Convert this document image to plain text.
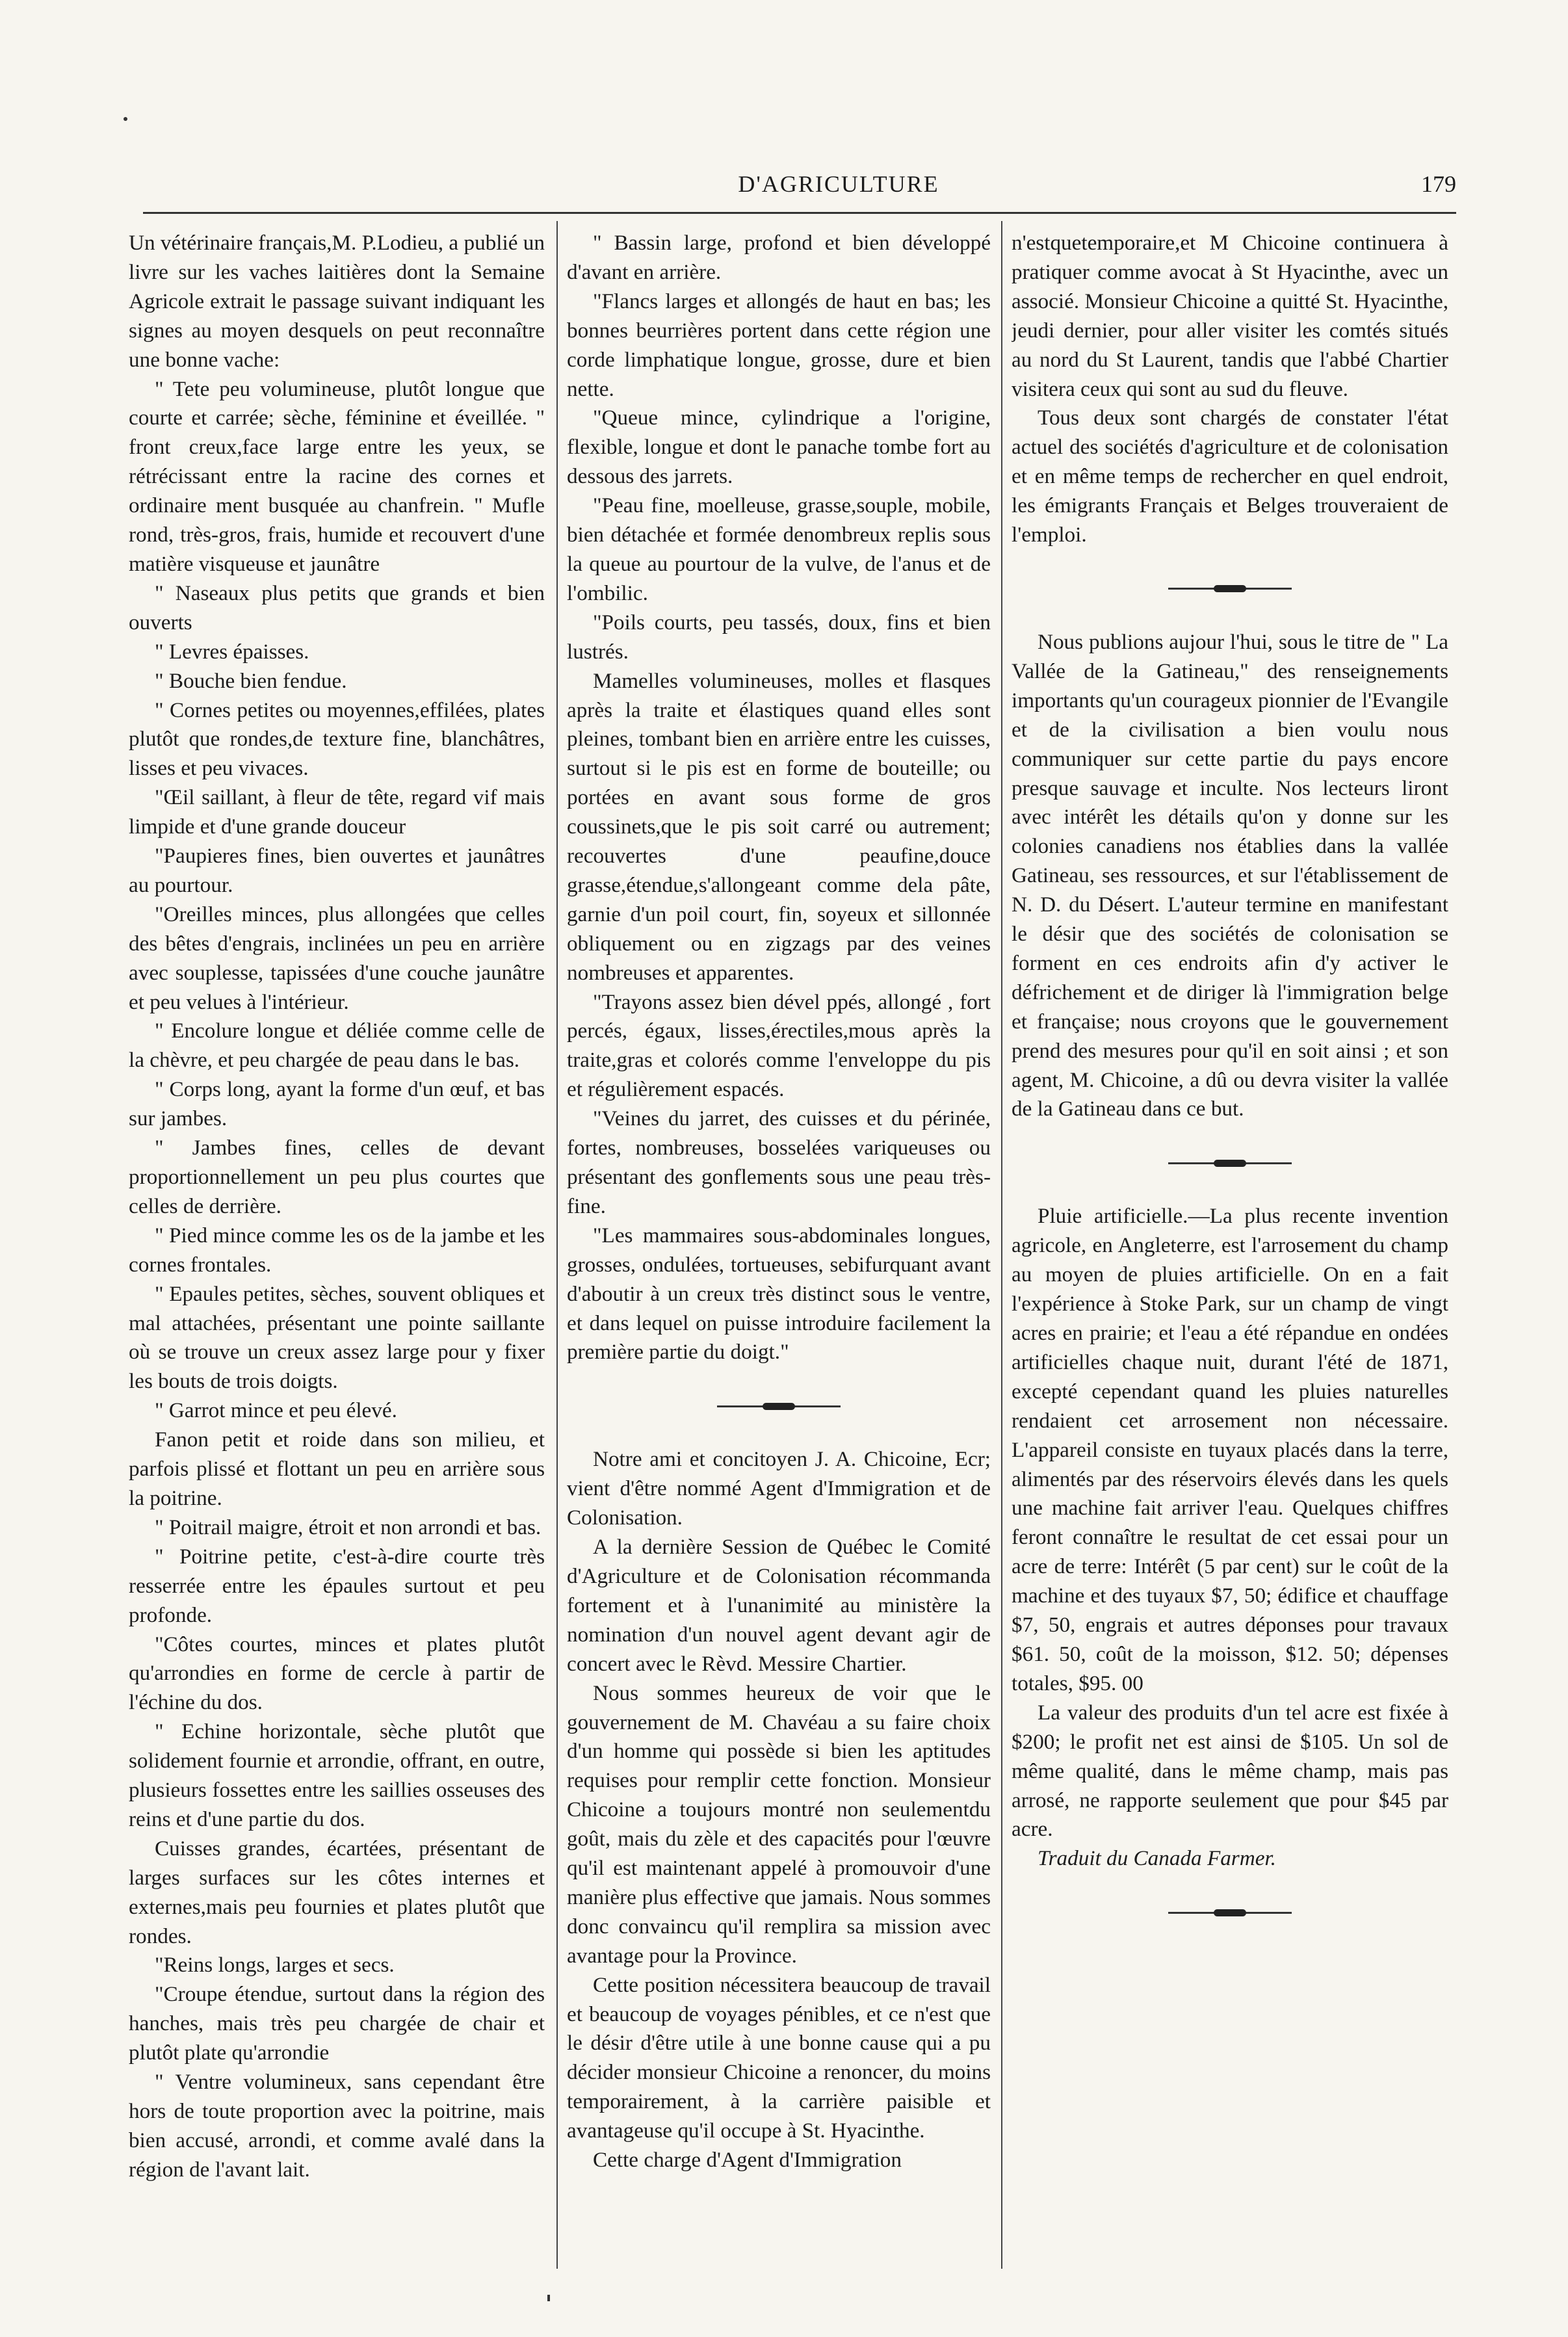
D'AGRICULTURE	179

Un vétérinaire français,M. P.Lodieu, a publié un livre sur les vaches laitières dont la Semaine Agricole extrait le passage suivant indiquant les signes au moyen desquels on peut reconnaître une bonne vache:

" Tete peu volumineuse, plutôt longue que courte et carrée; sèche, féminine et éveillée. " front creux,face large entre les yeux, se rétrécissant entre la racine des cornes et ordinaire ment busquée au chanfrein. " Mufle rond, très-gros, frais, humide et recouvert d'une matière visqueuse et jaunâtre

" Naseaux plus petits que grands et bien ouverts

" Levres épaisses.

" Bouche bien fendue.

" Cornes petites ou moyennes,effilées, plates plutôt que rondes,de texture fine, blanchâtres, lisses et peu vivaces.

"Œil saillant, à fleur de tête, regard vif mais limpide et d'une grande douceur

"Paupieres fines, bien ouvertes et jaunâtres au pourtour.

"Oreilles minces, plus allongées que celles des bêtes d'engrais, inclinées un peu en arrière avec souplesse, tapissées d'une couche jaunâtre et peu velues à l'intérieur.

" Encolure longue et déliée comme celle de la chèvre, et peu chargée de peau dans le bas.

" Corps long, ayant la forme d'un œuf, et bas sur jambes.

" Jambes fines, celles de devant proportionnellement un peu plus courtes que celles de derrière.

" Pied mince comme les os de la jambe et les cornes frontales.

" Epaules petites, sèches, souvent obliques et mal attachées, présentant une pointe saillante où se trouve un creux assez large pour y fixer les bouts de trois doigts.

" Garrot mince et peu élevé.

Fanon petit et roide dans son milieu, et parfois plissé et flottant un peu en arrière sous la poitrine.

" Poitrail maigre, étroit et non arrondi et bas.

" Poitrine petite, c'est-à-dire courte très resserrée entre les épaules surtout et peu profonde.

"Côtes courtes, minces et plates plutôt qu'arrondies en forme de cercle à partir de l'échine du dos.

" Echine horizontale, sèche plutôt que solidement fournie et arrondie, offrant, en outre, plusieurs fossettes entre les saillies osseuses des reins et d'une partie du dos.

Cuisses grandes, écartées, présentant de larges surfaces sur les côtes internes et externes,mais peu fournies et plates plutôt que rondes.

"Reins longs, larges et secs.

"Croupe étendue, surtout dans la région des hanches, mais très peu chargée de chair et plutôt plate qu'arrondie

" Ventre volumineux, sans cependant être hors de toute proportion avec la poitrine, mais bien accusé, arrondi, et comme avalé dans la région de l'avant lait.

" Bassin large, profond et bien développé d'avant en arrière.

"Flancs larges et allongés de haut en bas; les bonnes beurrières portent dans cette région une corde limphatique longue, grosse, dure et bien nette.

"Queue mince, cylindrique a l'origine, flexible, longue et dont le panache tombe fort au dessous des jarrets.

"Peau fine, moelleuse, grasse,souple, mobile, bien détachée et formée denombreux replis sous la queue au pourtour de la vulve, de l'anus et de l'ombilic.

"Poils courts, peu tassés, doux, fins et bien lustrés.

Mamelles volumineuses, molles et flasques après la traite et élastiques quand elles sont pleines, tombant bien en arrière entre les cuisses, surtout si le pis est en forme de bouteille; ou portées en avant sous forme de gros coussinets,que le pis soit carré ou autrement; recouvertes d'une peaufine,douce grasse,étendue,s'allongeant comme dela pâte, garnie d'un poil court, fin, soyeux et sillonnée obliquement ou en zigzags par des veines nombreuses et apparentes.

"Trayons assez bien dével ppés, allongé , fort percés, égaux, lisses,érectiles,mous après la traite,gras et colorés comme l'enveloppe du pis et régulièrement espacés.

"Veines du jarret, des cuisses et du périnée, fortes, nombreuses, bosselées variqueuses ou présentant des gonflements sous une peau très-fine.

"Les mammaires sous-abdominales longues, grosses, ondulées, tortueuses, sebifurquant avant d'aboutir à un creux très distinct sous le ventre, et dans lequel on puisse introduire facilement la première partie du doigt."

Notre ami et concitoyen J. A. Chicoine, Ecr; vient d'être nommé Agent d'Immigration et de Colonisation.

A la dernière Session de Québec le Comité d'Agriculture et de Colonisation récommanda fortement et à l'unanimité au ministère la nomination d'un nouvel agent devant agir de concert avec le Rèvd. Messire Chartier.

Nous sommes heureux de voir que le gouvernement de M. Chavéau a su faire choix d'un homme qui possède si bien les aptitudes requises pour remplir cette fonction. Monsieur Chicoine a toujours montré non seulementdu goût, mais du zèle et des capacités pour l'œuvre qu'il est maintenant appelé à promouvoir d'une manière plus effective que jamais. Nous sommes donc convaincu qu'il remplira sa mission avec avantage pour la Province.

Cette position nécessitera beaucoup de travail et beaucoup de voyages pénibles, et ce n'est que le désir d'être utile à une bonne cause qui a pu décider monsieur Chicoine a renoncer, du moins temporairement, à la carrière paisible et avantageuse qu'il occupe à St. Hyacinthe.

Cette charge d'Agent d'Immigration

n'estquetemporaire,et M Chicoine continuera à pratiquer comme avocat à St Hyacinthe, avec un associé. Monsieur Chicoine a quitté St. Hyacinthe, jeudi dernier, pour aller visiter les comtés situés au nord du St Laurent, tandis que l'abbé Chartier visitera ceux qui sont au sud du fleuve.

Tous deux sont chargés de constater l'état actuel des sociétés d'agriculture et de colonisation et en même temps de rechercher en quel endroit, les émigrants Français et Belges trouveraient de l'emploi.

Nous publions aujour l'hui, sous le titre de " La Vallée de la Gatineau," des renseignements importants qu'un courageux pionnier de l'Evangile et de la civilisation a bien voulu nous communiquer sur cette partie du pays encore presque sauvage et inculte. Nos lecteurs liront avec intérêt les détails qu'on y donne sur les colonies canadiens nos établies dans la vallée Gatineau, ses ressources, et sur l'établissement de N. D. du Désert. L'auteur termine en manifestant le désir que des sociétés de colonisation se forment en ces endroits afin d'y activer le défrichement et de diriger là l'immigration belge et française; nous croyons que le gouvernement prend des mesures pour qu'il en soit ainsi ; et son agent, M. Chicoine, a dû ou devra visiter la vallée de la Gatineau dans ce but.

Pluie artificielle.—La plus recente invention agricole, en Angleterre, est l'arrosement du champ au moyen de pluies artificielle. On en a fait l'expérience à Stoke Park, sur un champ de vingt acres en prairie; et l'eau a été répandue en ondées artificielles chaque nuit, durant l'été de 1871, excepté cependant quand les pluies naturelles rendaient cet arrosement non nécessaire. L'appareil consiste en tuyaux placés dans la terre, alimentés par des réservoirs élevés dans les quels une machine fait arriver l'eau. Quelques chiffres feront connaître le resultat de cet essai pour un acre de terre: Intérêt (5 par cent) sur le coût de la machine et des tuyaux $7, 50; édifice et chauffage $7, 50, engrais et autres déponses pour travaux $61. 50, coût de la moisson, $12. 50; dépenses totales, $95. 00

La valeur des produits d'un tel acre est fixée à $200; le profit net est ainsi de $105. Un sol de même qualité, dans le même champ, mais pas arrosé, ne rapporte seulement que pour $45 par acre.

Traduit du Canada Farmer.
